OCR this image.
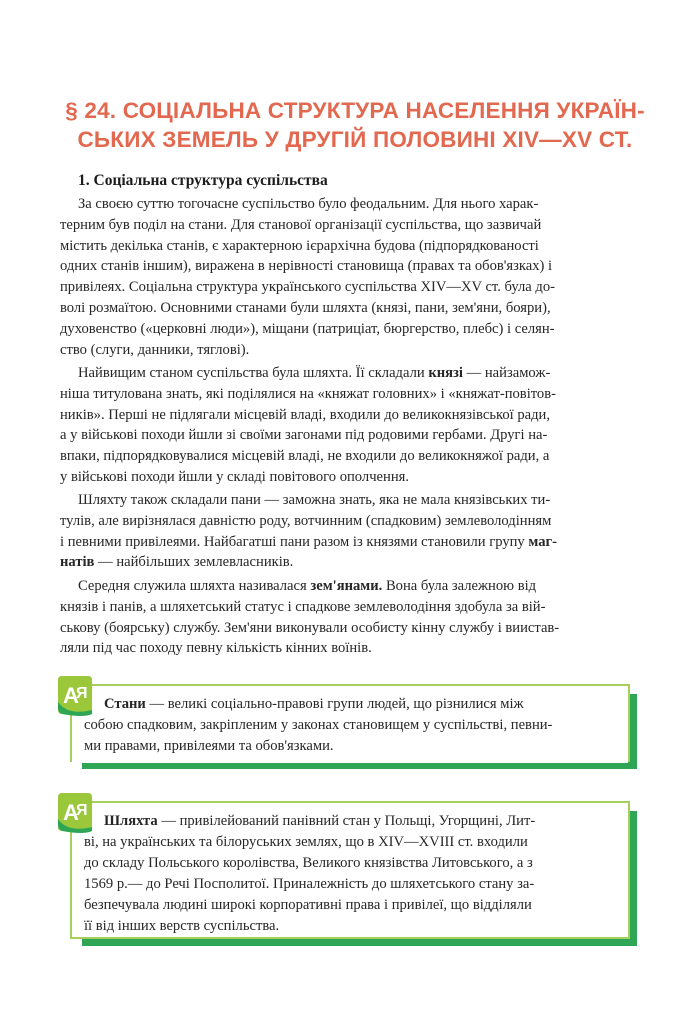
§ 24. СОЦІАЛЬНА СТРУКТУРА НАСЕЛЕННЯ УКРАЇН-
СЬКИХ ЗЕМЕЛЬ У ДРУГІЙ ПОЛОВИНІ XIV—XV СТ.
1. Соціальна структура суспільства
За своєю суттю тогочасне суспільство було феодальним. Для нього харак-
терним був поділ на стани. Для станової організації суспільства, що зазвичай
містить декілька станів, є характерною ієрархічна будова (підпорядкованості
одних станів іншим), виражена в нерівності становища (правах та обов'язках) і
привілеях. Соціальна структура українського суспільства XIV—XV ст. була до-
волі розмаїтою. Основними станами були шляхта (князі, пани, зем'яни, бояри),
духовенство («церковні люди»), міщани (патриціат, бюргерство, плебс) і селян-
ство (слуги, данники, тяглові).
Найвищим станом суспільства була шляхта. Її складали князі — найзамож-
ніша титулована знать, які поділялися на «княжат головних» і «княжат-повітов-
ників». Перші не підлягали місцевій владі, входили до великокнязівської ради,
а у військові походи йшли зі своїми загонами під родовими гербами. Другі на-
впаки, підпорядковувалися місцевій владі, не входили до великокняжої ради, а
у військові походи йшли у складі повітового ополчення.
Шляхту також складали пани — заможна знать, яка не мала князівських ти-
тулів, але вирізнялася давністю роду, вотчинним (спадковим) землеволодінням
і певними привілеями. Найбагатші пани разом із князями становили групу маг-
натів — найбільших землевласників.
Середня служила шляхта називалася зем'янами. Вона була залежною від
князів і панів, а шляхетський статус і спадкове землеволодіння здобула за вій-
ськову (боярську) службу. Зем'яни виконували особисту кінну службу і виистав-
ляли під час походу певну кількість кінних воїнів.
Стани — великі соціально-правові групи людей, що різнилися між
собою спадковим, закріпленим у законах становищем у суспільстві, певни-
ми правами, привілеями та обов'язками.
A
Я
Шляхта — привілейований панівний стан у Польщі, Угорщині, Лит-
ві, на українських та білоруських землях, що в XIV—XVIII ст. входили
до складу Польського королівства, Великого князівства Литовського, а з
1569 р.— до Речі Посполитої. Приналежність до шляхетського стану за-
безпечувала людині широкі корпоративні права і привілеї, що відділяли
її від інших верств суспільства.
A
Я
